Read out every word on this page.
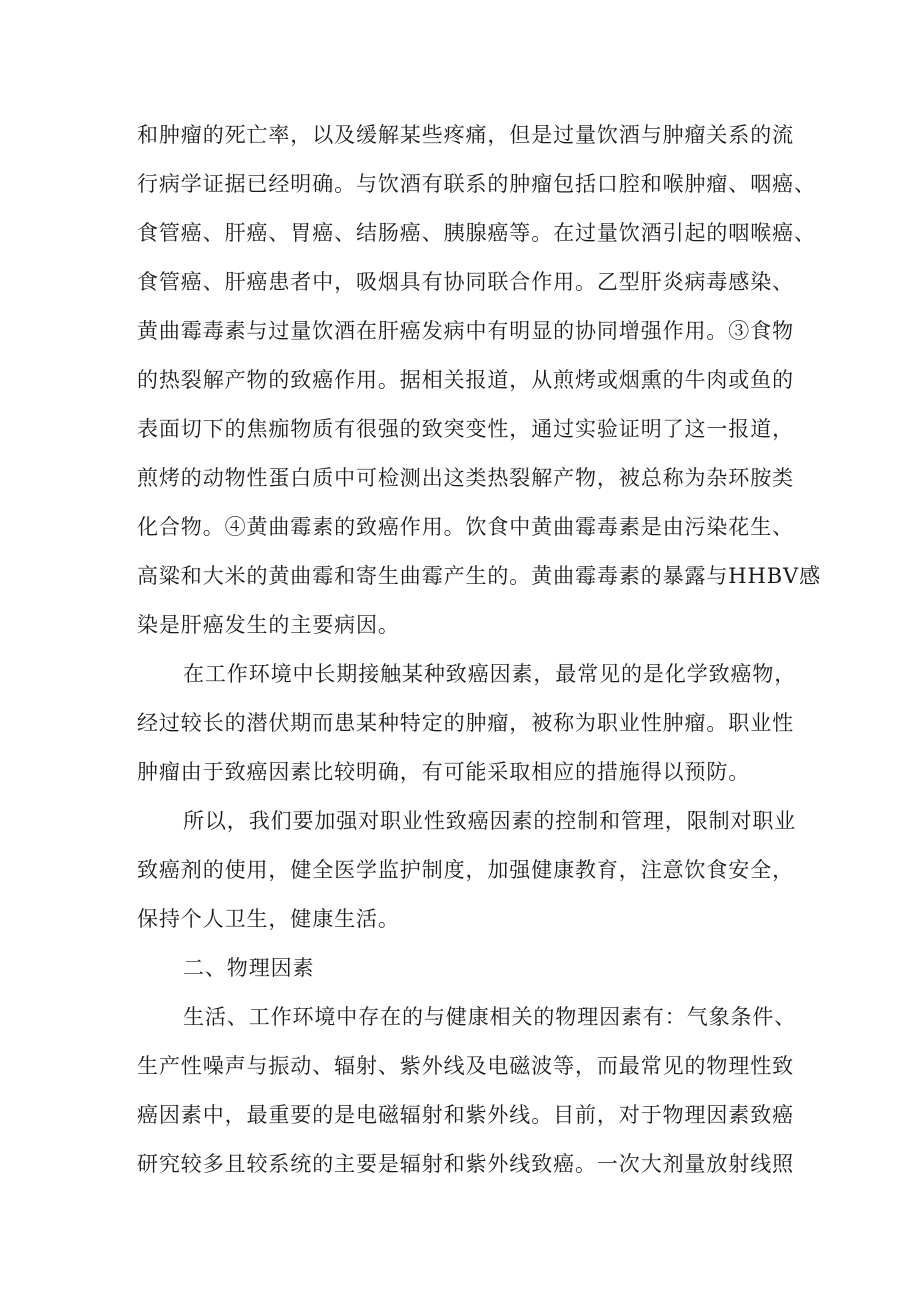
和肿瘤的死亡率，以及缓解某些疼痛，但是过量饮酒与肿瘤关系的流
行病学证据已经明确。与饮酒有联系的肿瘤包括口腔和喉肿瘤、咽癌、
食管癌、肝癌、胃癌、结肠癌、胰腺癌等。在过量饮酒引起的咽喉癌、
食管癌、肝癌患者中，吸烟具有协同联合作用。乙型肝炎病毒感染、
黄曲霉毒素与过量饮酒在肝癌发病中有明显的协同增强作用。③食物
的热裂解产物的致癌作用。据相关报道，从煎烤或烟熏的牛肉或鱼的
表面切下的焦痂物质有很强的致突变性，通过实验证明了这一报道，
煎烤的动物性蛋白质中可检测出这类热裂解产物，被总称为杂环胺类
化合物。④黄曲霉素的致癌作用。饮食中黄曲霉毒素是由污染花生、
高粱和大米的黄曲霉和寄生曲霉产生的。黄曲霉毒素的暴露与HHBV感
染是肝癌发生的主要病因。
在工作环境中长期接触某种致癌因素，最常见的是化学致癌物，
经过较长的潜伏期而患某种特定的肿瘤，被称为职业性肿瘤。职业性
肿瘤由于致癌因素比较明确，有可能采取相应的措施得以预防。
所以，我们要加强对职业性致癌因素的控制和管理，限制对职业
致癌剂的使用，健全医学监护制度，加强健康教育，注意饮食安全，
保持个人卫生，健康生活。
二、物理因素
生活、工作环境中存在的与健康相关的物理因素有：气象条件、
生产性噪声与振动、辐射、紫外线及电磁波等，而最常见的物理性致
癌因素中，最重要的是电磁辐射和紫外线。目前，对于物理因素致癌
研究较多且较系统的主要是辐射和紫外线致癌。一次大剂量放射线照
